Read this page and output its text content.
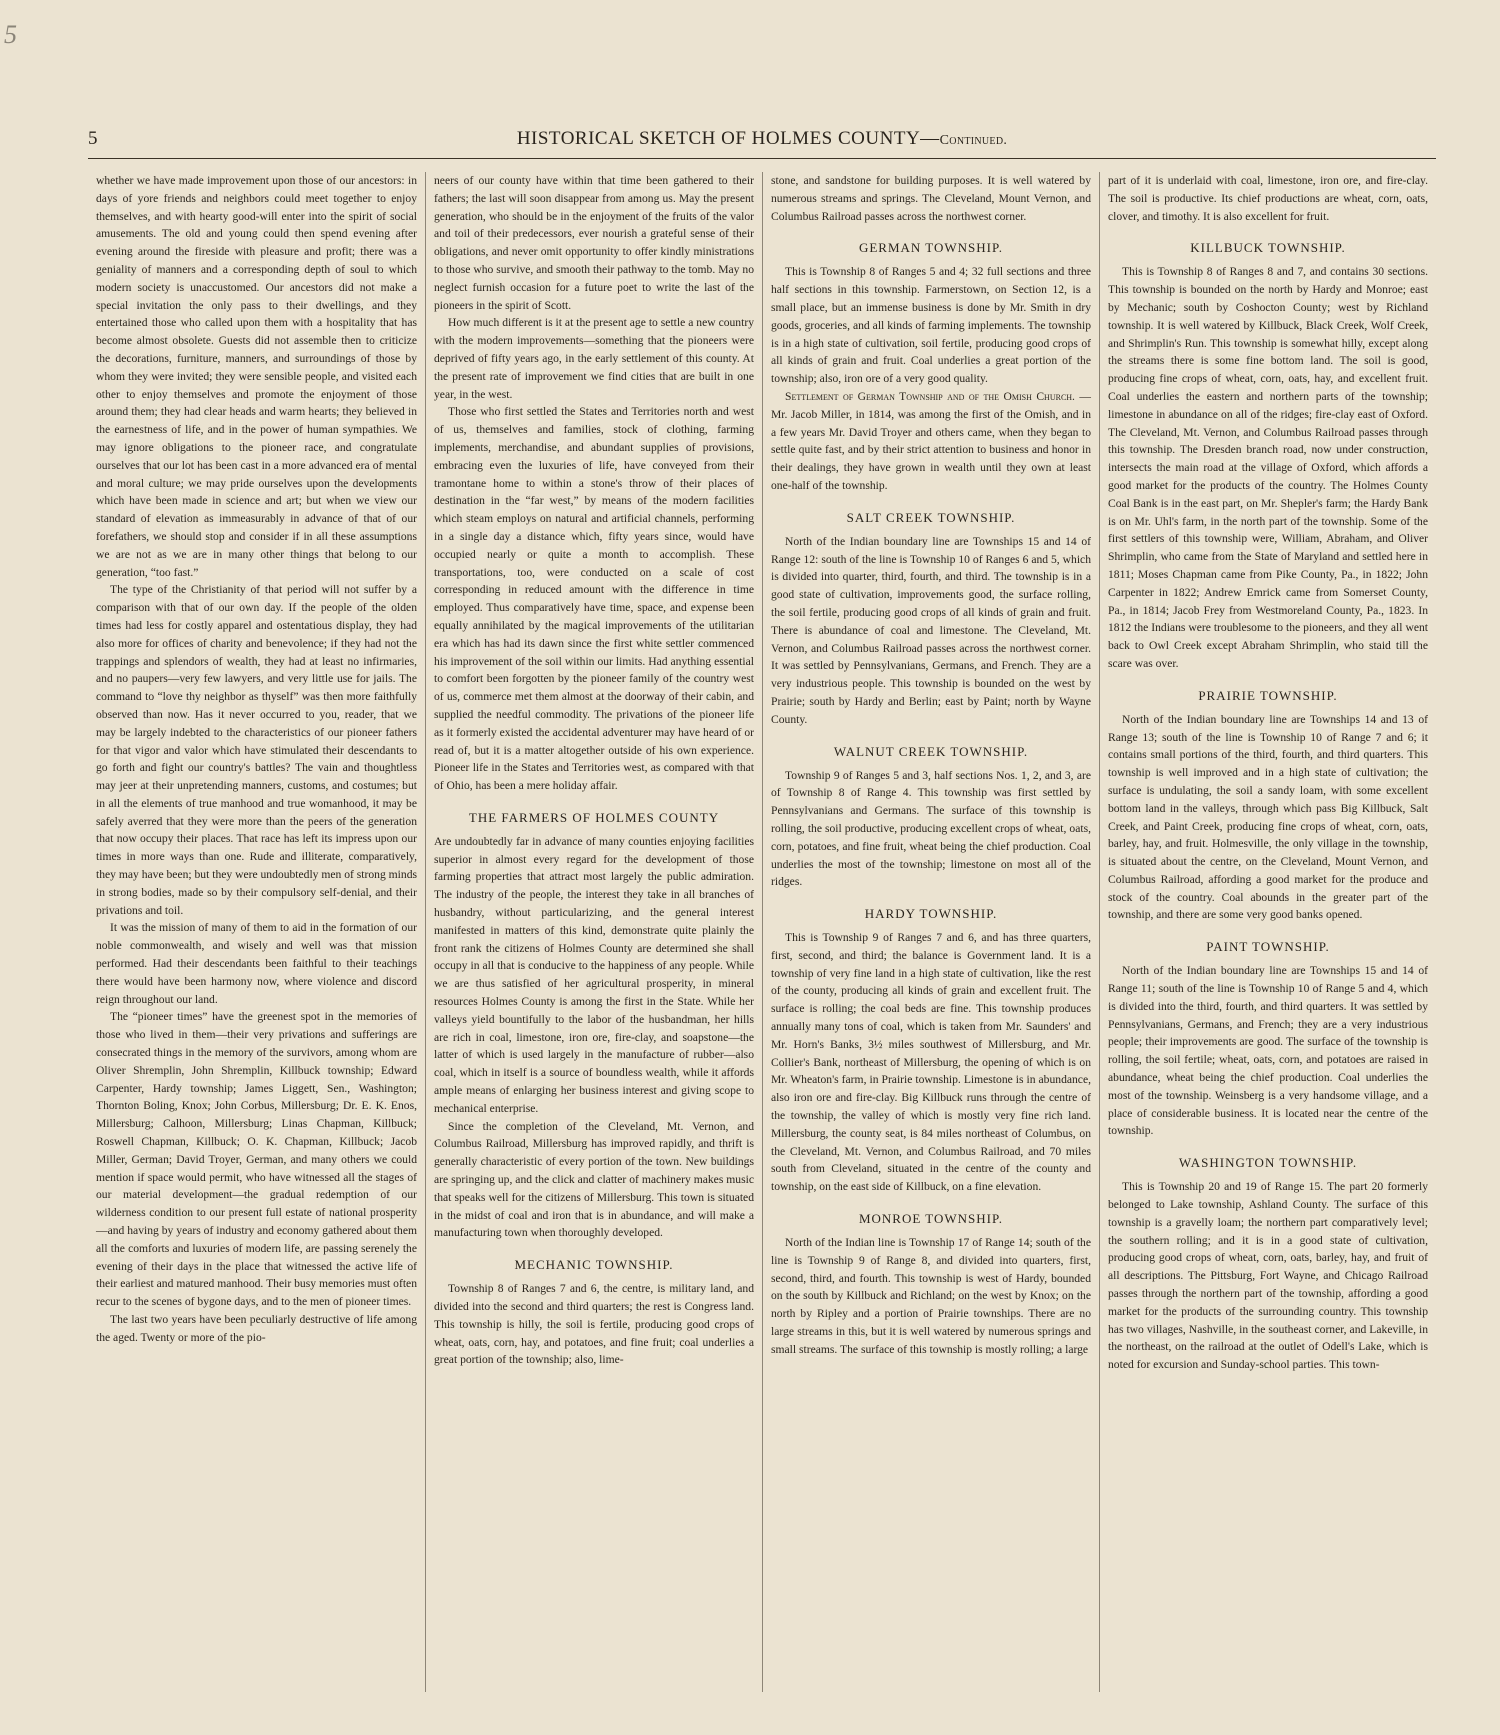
5
5	HISTORICAL SKETCH OF HOLMES COUNTY—Continued.

whether we have made improvement upon those of our ancestors: in days of yore friends and neighbors could meet together to enjoy themselves, and with hearty good-will enter into the spirit of social amusements. The old and young could then spend evening after evening around the fireside with pleasure and profit; there was a geniality of manners and a corresponding depth of soul to which modern society is unaccustomed. Our ancestors did not make a special invitation the only pass to their dwellings, and they entertained those who called upon them with a hospitality that has become almost obsolete. Guests did not assemble then to criticize the decorations, furniture, manners, and surroundings of those by whom they were invited; they were sensible people, and visited each other to enjoy themselves and promote the enjoyment of those around them; they had clear heads and warm hearts; they believed in the earnestness of life, and in the power of human sympathies. We may ignore obligations to the pioneer race, and congratulate ourselves that our lot has been cast in a more advanced era of mental and moral culture; we may pride ourselves upon the developments which have been made in science and art; but when we view our standard of elevation as immeasurably in advance of that of our forefathers, we should stop and consider if in all these assumptions we are not as we are in many other things that belong to our generation, “too fast.”

The type of the Christianity of that period will not suffer by a comparison with that of our own day. If the people of the olden times had less for costly apparel and ostentatious display, they had also more for offices of charity and benevolence; if they had not the trappings and splendors of wealth, they had at least no infirmaries, and no paupers—very few lawyers, and very little use for jails. The command to “love thy neighbor as thyself” was then more faithfully observed than now. Has it never occurred to you, reader, that we may be largely indebted to the characteristics of our pioneer fathers for that vigor and valor which have stimulated their descendants to go forth and fight our country's battles? The vain and thoughtless may jeer at their unpretending manners, customs, and costumes; but in all the elements of true manhood and true womanhood, it may be safely averred that they were more than the peers of the generation that now occupy their places. That race has left its impress upon our times in more ways than one. Rude and illiterate, comparatively, they may have been; but they were undoubtedly men of strong minds in strong bodies, made so by their compulsory self-denial, and their privations and toil.

It was the mission of many of them to aid in the formation of our noble commonwealth, and wisely and well was that mission performed. Had their descendants been faithful to their teachings there would have been harmony now, where violence and discord reign throughout our land.

The “pioneer times” have the greenest spot in the memories of those who lived in them—their very privations and sufferings are consecrated things in the memory of the survivors, among whom are Oliver Shremplin, John Shremplin, Killbuck township; Edward Carpenter, Hardy township; James Liggett, Sen., Washington; Thornton Boling, Knox; John Corbus, Millersburg; Dr. E. K. Enos, Millersburg; Calhoon, Millersburg; Linas Chapman, Killbuck; Roswell Chapman, Killbuck; O. K. Chapman, Killbuck; Jacob Miller, German; David Troyer, German, and many others we could mention if space would permit, who have witnessed all the stages of our material development—the gradual redemption of our wilderness condition to our present full estate of national prosperity—and having by years of industry and economy gathered about them all the comforts and luxuries of modern life, are passing serenely the evening of their days in the place that witnessed the active life of their earliest and matured manhood. Their busy memories must often recur to the scenes of bygone days, and to the men of pioneer times.

The last two years have been peculiarly destructive of life among the aged. Twenty or more of the pio-

neers of our county have within that time been gathered to their fathers; the last will soon disappear from among us. May the present generation, who should be in the enjoyment of the fruits of the valor and toil of their predecessors, ever nourish a grateful sense of their obligations, and never omit opportunity to offer kindly ministrations to those who survive, and smooth their pathway to the tomb. May no neglect furnish occasion for a future poet to write the last of the pioneers in the spirit of Scott.

How much different is it at the present age to settle a new country with the modern improvements—something that the pioneers were deprived of fifty years ago, in the early settlement of this county. At the present rate of improvement we find cities that are built in one year, in the west.

Those who first settled the States and Territories north and west of us, themselves and families, stock of clothing, farming implements, merchandise, and abundant supplies of provisions, embracing even the luxuries of life, have conveyed from their tramontane home to within a stone's throw of their places of destination in the “far west,” by means of the modern facilities which steam employs on natural and artificial channels, performing in a single day a distance which, fifty years since, would have occupied nearly or quite a month to accomplish. These transportations, too, were conducted on a scale of cost corresponding in reduced amount with the difference in time employed. Thus comparatively have time, space, and expense been equally annihilated by the magical improvements of the utilitarian era which has had its dawn since the first white settler commenced his improvement of the soil within our limits. Had anything essential to comfort been forgotten by the pioneer family of the country west of us, commerce met them almost at the doorway of their cabin, and supplied the needful commodity. The privations of the pioneer life as it formerly existed the accidental adventurer may have heard of or read of, but it is a matter altogether outside of his own experience. Pioneer life in the States and Territories west, as compared with that of Ohio, has been a mere holiday affair.

THE FARMERS OF HOLMES COUNTY

Are undoubtedly far in advance of many counties enjoying facilities superior in almost every regard for the development of those farming properties that attract most largely the public admiration. The industry of the people, the interest they take in all branches of husbandry, without particularizing, and the general interest manifested in matters of this kind, demonstrate quite plainly the front rank the citizens of Holmes County are determined she shall occupy in all that is conducive to the happiness of any people. While we are thus satisfied of her agricultural prosperity, in mineral resources Holmes County is among the first in the State. While her valleys yield bountifully to the labor of the husbandman, her hills are rich in coal, limestone, iron ore, fire-clay, and soapstone—the latter of which is used largely in the manufacture of rubber—also coal, which in itself is a source of boundless wealth, while it affords ample means of enlarging her business interest and giving scope to mechanical enterprise.

Since the completion of the Cleveland, Mt. Vernon, and Columbus Railroad, Millersburg has improved rapidly, and thrift is generally characteristic of every portion of the town. New buildings are springing up, and the click and clatter of machinery makes music that speaks well for the citizens of Millersburg. This town is situated in the midst of coal and iron that is in abundance, and will make a manufacturing town when thoroughly developed.

MECHANIC TOWNSHIP.

Township 8 of Ranges 7 and 6, the centre, is military land, and divided into the second and third quarters; the rest is Congress land. This township is hilly, the soil is fertile, producing good crops of wheat, oats, corn, hay, and potatoes, and fine fruit; coal underlies a great portion of the township; also, lime-

stone, and sandstone for building purposes. It is well watered by numerous streams and springs. The Cleveland, Mount Vernon, and Columbus Railroad passes across the northwest corner.

GERMAN TOWNSHIP.

This is Township 8 of Ranges 5 and 4; 32 full sections and three half sections in this township. Farmerstown, on Section 12, is a small place, but an immense business is done by Mr. Smith in dry goods, groceries, and all kinds of farming implements. The township is in a high state of cultivation, soil fertile, producing good crops of all kinds of grain and fruit. Coal underlies a great portion of the township; also, iron ore of a very good quality.

Settlement of German Township and of the Omish Church. —Mr. Jacob Miller, in 1814, was among the first of the Omish, and in a few years Mr. David Troyer and others came, when they began to settle quite fast, and by their strict attention to business and honor in their dealings, they have grown in wealth until they own at least one-half of the township.

SALT CREEK TOWNSHIP.

North of the Indian boundary line are Townships 15 and 14 of Range 12: south of the line is Township 10 of Ranges 6 and 5, which is divided into quarter, third, fourth, and third. The township is in a good state of cultivation, improvements good, the surface rolling, the soil fertile, producing good crops of all kinds of grain and fruit. There is abundance of coal and limestone. The Cleveland, Mt. Vernon, and Columbus Railroad passes across the northwest corner. It was settled by Pennsylvanians, Germans, and French. They are a very industrious people. This township is bounded on the west by Prairie; south by Hardy and Berlin; east by Paint; north by Wayne County.

WALNUT CREEK TOWNSHIP.

Township 9 of Ranges 5 and 3, half sections Nos. 1, 2, and 3, are of Township 8 of Range 4. This township was first settled by Pennsylvanians and Germans. The surface of this township is rolling, the soil productive, producing excellent crops of wheat, oats, corn, potatoes, and fine fruit, wheat being the chief production. Coal underlies the most of the township; limestone on most all of the ridges.

HARDY TOWNSHIP.

This is Township 9 of Ranges 7 and 6, and has three quarters, first, second, and third; the balance is Government land. It is a township of very fine land in a high state of cultivation, like the rest of the county, producing all kinds of grain and excellent fruit. The surface is rolling; the coal beds are fine. This township produces annually many tons of coal, which is taken from Mr. Saunders' and Mr. Horn's Banks, 3½ miles southwest of Millersburg, and Mr. Collier's Bank, northeast of Millersburg, the opening of which is on Mr. Wheaton's farm, in Prairie township. Limestone is in abundance, also iron ore and fire-clay. Big Killbuck runs through the centre of the township, the valley of which is mostly very fine rich land. Millersburg, the county seat, is 84 miles northeast of Columbus, on the Cleveland, Mt. Vernon, and Columbus Railroad, and 70 miles south from Cleveland, situated in the centre of the county and township, on the east side of Killbuck, on a fine elevation.

MONROE TOWNSHIP.

North of the Indian line is Township 17 of Range 14; south of the line is Township 9 of Range 8, and divided into quarters, first, second, third, and fourth. This township is west of Hardy, bounded on the south by Killbuck and Richland; on the west by Knox; on the north by Ripley and a portion of Prairie townships. There are no large streams in this, but it is well watered by numerous springs and small streams. The surface of this township is mostly rolling; a large

part of it is underlaid with coal, limestone, iron ore, and fire-clay. The soil is productive. Its chief productions are wheat, corn, oats, clover, and timothy. It is also excellent for fruit.

KILLBUCK TOWNSHIP.

This is Township 8 of Ranges 8 and 7, and contains 30 sections. This township is bounded on the north by Hardy and Monroe; east by Mechanic; south by Coshocton County; west by Richland township. It is well watered by Killbuck, Black Creek, Wolf Creek, and Shrimplin's Run. This township is somewhat hilly, except along the streams there is some fine bottom land. The soil is good, producing fine crops of wheat, corn, oats, hay, and excellent fruit. Coal underlies the eastern and northern parts of the township; limestone in abundance on all of the ridges; fire-clay east of Oxford. The Cleveland, Mt. Vernon, and Columbus Railroad passes through this township. The Dresden branch road, now under construction, intersects the main road at the village of Oxford, which affords a good market for the products of the country. The Holmes County Coal Bank is in the east part, on Mr. Shepler's farm; the Hardy Bank is on Mr. Uhl's farm, in the north part of the township. Some of the first settlers of this township were, William, Abraham, and Oliver Shrimplin, who came from the State of Maryland and settled here in 1811; Moses Chapman came from Pike County, Pa., in 1822; John Carpenter in 1822; Andrew Emrick came from Somerset County, Pa., in 1814; Jacob Frey from Westmoreland County, Pa., 1823. In 1812 the Indians were troublesome to the pioneers, and they all went back to Owl Creek except Abraham Shrimplin, who staid till the scare was over.

PRAIRIE TOWNSHIP.

North of the Indian boundary line are Townships 14 and 13 of Range 13; south of the line is Township 10 of Range 7 and 6; it contains small portions of the third, fourth, and third quarters. This township is well improved and in a high state of cultivation; the surface is undulating, the soil a sandy loam, with some excellent bottom land in the valleys, through which pass Big Killbuck, Salt Creek, and Paint Creek, producing fine crops of wheat, corn, oats, barley, hay, and fruit. Holmesville, the only village in the township, is situated about the centre, on the Cleveland, Mount Vernon, and Columbus Railroad, affording a good market for the produce and stock of the country. Coal abounds in the greater part of the township, and there are some very good banks opened.

PAINT TOWNSHIP.

North of the Indian boundary line are Townships 15 and 14 of Range 11; south of the line is Township 10 of Range 5 and 4, which is divided into the third, fourth, and third quarters. It was settled by Pennsylvanians, Germans, and French; they are a very industrious people; their improvements are good. The surface of the township is rolling, the soil fertile; wheat, oats, corn, and potatoes are raised in abundance, wheat being the chief production. Coal underlies the most of the township. Weinsberg is a very handsome village, and a place of considerable business. It is located near the centre of the township.

WASHINGTON TOWNSHIP.

This is Township 20 and 19 of Range 15. The part 20 formerly belonged to Lake township, Ashland County. The surface of this township is a gravelly loam; the northern part comparatively level; the southern rolling; and it is in a good state of cultivation, producing good crops of wheat, corn, oats, barley, hay, and fruit of all descriptions. The Pittsburg, Fort Wayne, and Chicago Railroad passes through the northern part of the township, affording a good market for the products of the surrounding country. This township has two villages, Nashville, in the southeast corner, and Lakeville, in the northeast, on the railroad at the outlet of Odell's Lake, which is noted for excursion and Sunday-school parties. This town-
